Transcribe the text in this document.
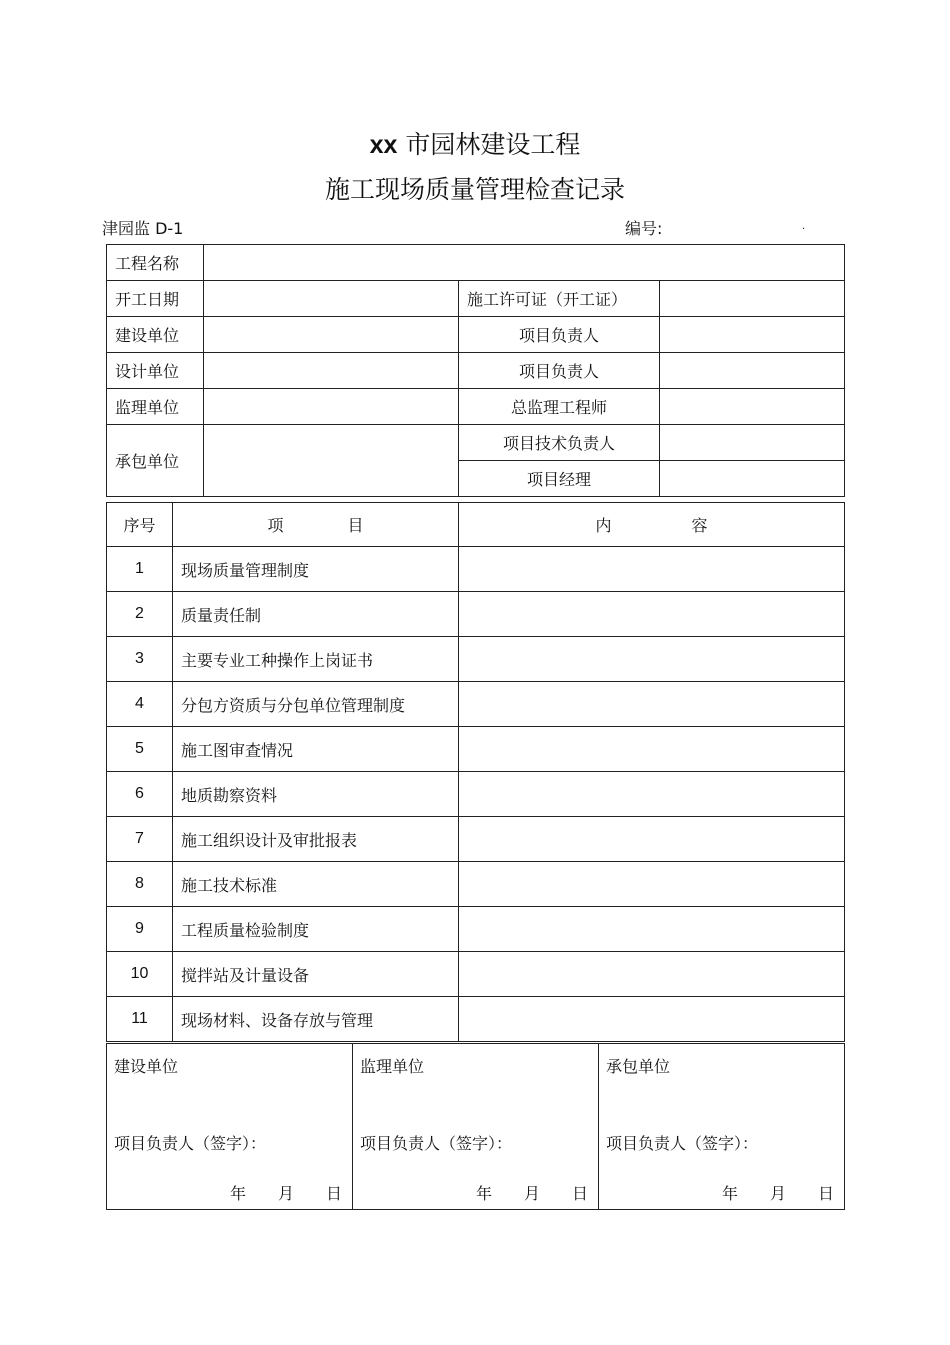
xx 市园林建设工程
施工现场质量管理检查记录
津园监 D-1	编号:	.
工程名称			
开工日期		施工许可证（开工证）	
建设单位		项目负责人	
设计单位		项目负责人	
监理单位		总监理工程师	
承包单位		项目技术负责人	
		项目经理	
序号	项　　　　目	内　　　　　容
1	现场质量管理制度	
2	质量责任制	
3	主要专业工种操作上岗证书	
4	分包方资质与分包单位管理制度	
5	施工图审查情况	
6	地质勘察资料	
7	施工组织设计及审批报表	
8	施工技术标准	
9	工程质量检验制度	
10	搅拌站及计量设备	
11	现场材料、设备存放与管理	
建设单位
项目负责人（签字）：
年　　月　　日

监理单位
项目负责人（签字）：
年　　月　　日

承包单位
项目负责人（签字）：
年　　月　　日
